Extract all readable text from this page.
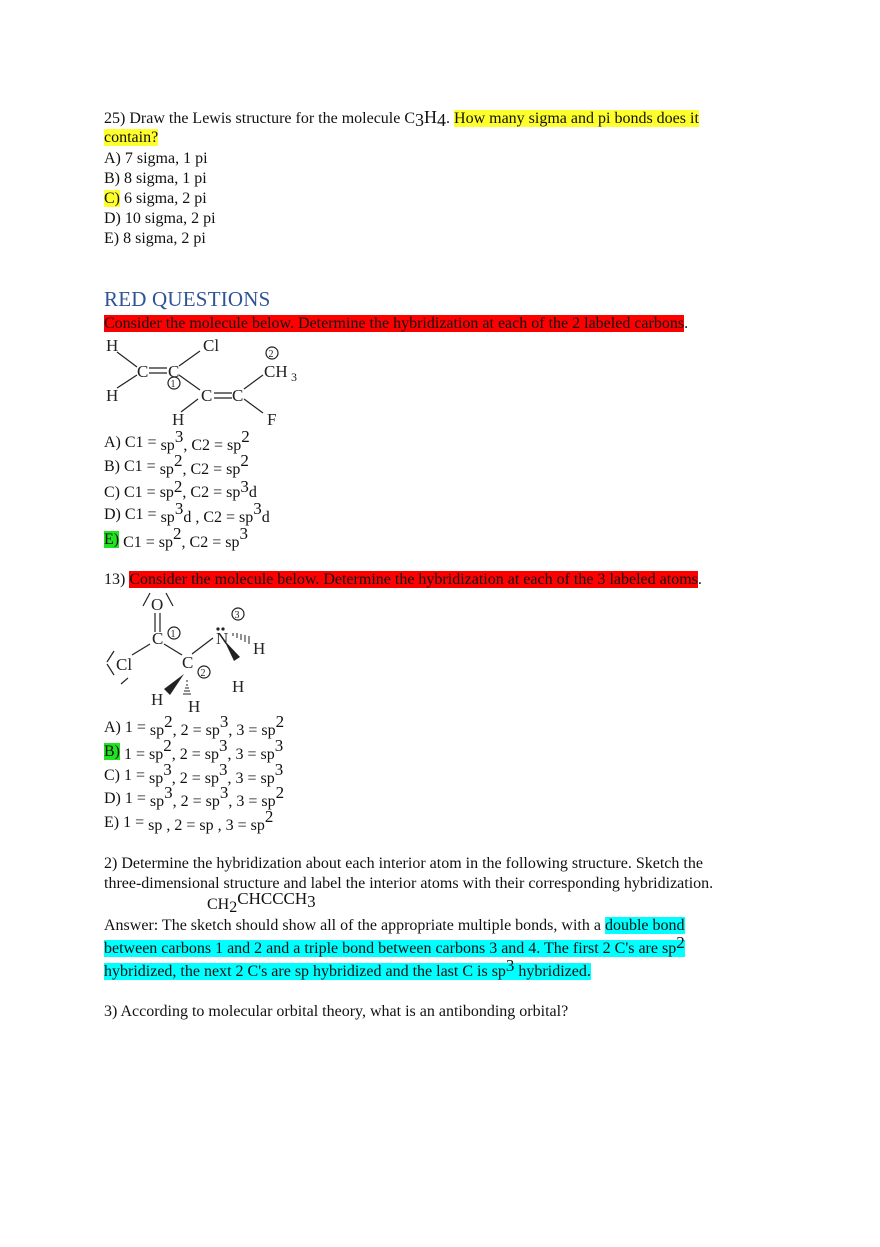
25) Draw the Lewis structure for the molecule C3H4. How many sigma and pi bonds does it
contain?
A) 7 sigma, 1 pi
B) 8 sigma, 1 pi
C) 6 sigma, 2 pi
D) 10 sigma, 2 pi
E) 8 sigma, 2 pi
RED QUESTIONS
Consider the molecule below. Determine the hybridization at each of the 2 labeled carbons.
H	Cl
C C
H	C C
CH 3
H	F
1
2
A) C1 = sp3, C2 = sp2
B) C1 = sp2, C2 = sp2
C) C1 = sp2, C2 = sp3d
D) C1 = sp3d , C2 = sp3d
E) C1 = sp2, C2 = sp3
13) Consider the molecule below. Determine the hybridization at each of the 3 labeled atoms.
O
C
Cl	C
N
H
H
H H
1
2
3
A) 1 = sp2, 2 = sp3, 3 = sp2
B) 1 = sp2, 2 = sp3, 3 = sp3
C) 1 = sp3, 2 = sp3, 3 = sp3
D) 1 = sp3, 2 = sp3, 3 = sp2
E) 1 = sp , 2 = sp , 3 = sp2
2) Determine the hybridization about each interior atom in the following structure. Sketch the
three-dimensional structure and label the interior atoms with their corresponding hybridization.
CH2CHCCCH3
Answer: The sketch should show all of the appropriate multiple bonds, with a double bond
between carbons 1 and 2 and a triple bond between carbons 3 and 4. The first 2 C's are sp2
hybridized, the next 2 C's are sp hybridized and the last C is sp3 hybridized.
3) According to molecular orbital theory, what is an antibonding orbital?
